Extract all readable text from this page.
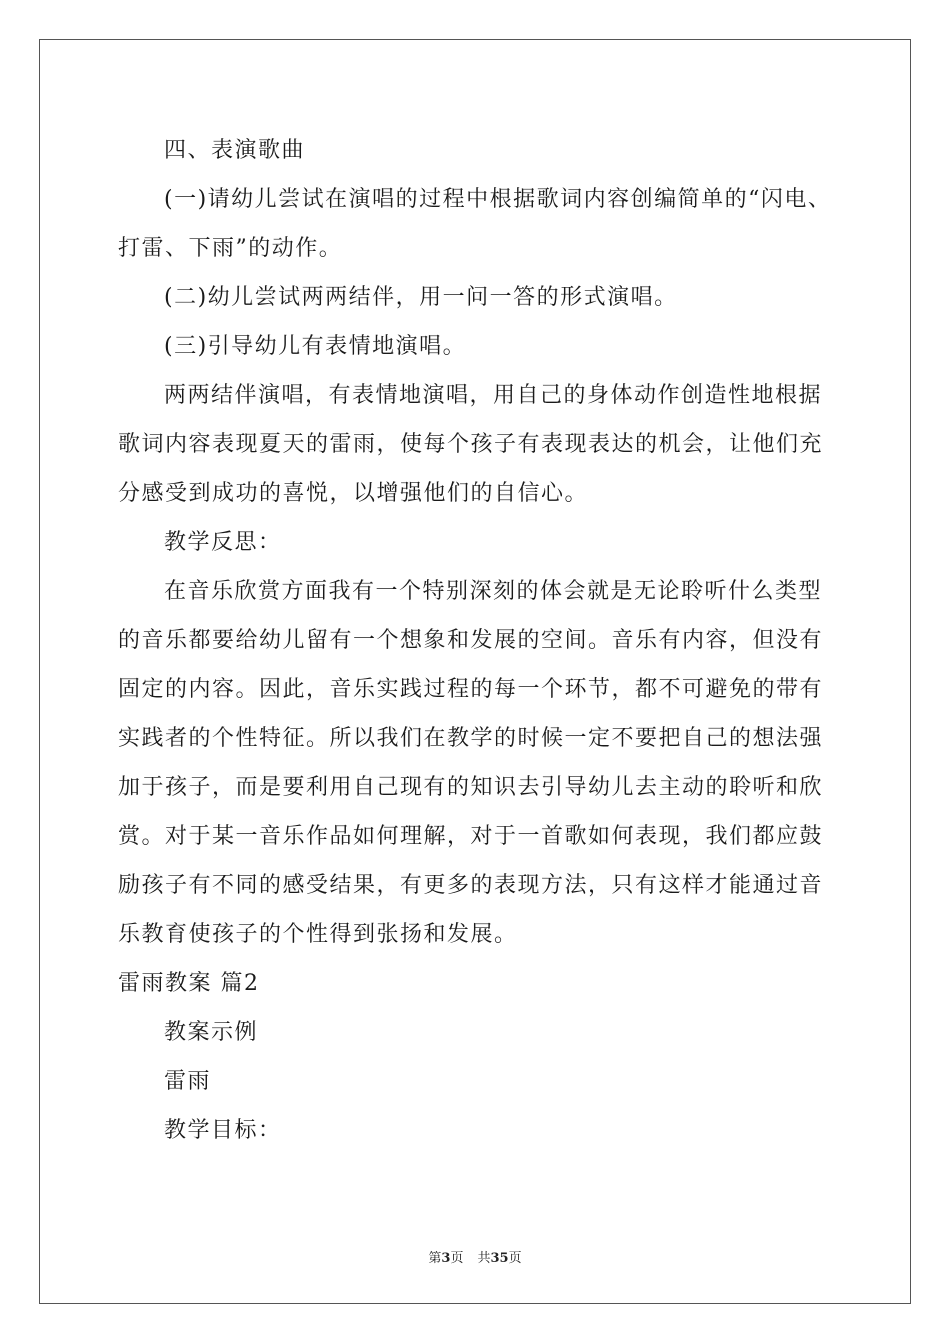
四、表演歌曲
(一)请幼儿尝试在演唱的过程中根据歌词内容创编简单的“闪电、
打雷、下雨”的动作。
(二)幼儿尝试两两结伴，用一问一答的形式演唱。
(三)引导幼儿有表情地演唱。
两两结伴演唱，有表情地演唱，用自己的身体动作创造性地根据
歌词内容表现夏天的雷雨，使每个孩子有表现表达的机会，让他们充
分感受到成功的喜悦，以增强他们的自信心。
教学反思：
在音乐欣赏方面我有一个特别深刻的体会就是无论聆听什么类型
的音乐都要给幼儿留有一个想象和发展的空间。音乐有内容，但没有
固定的内容。因此，音乐实践过程的每一个环节，都不可避免的带有
实践者的个性特征。所以我们在教学的时候一定不要把自己的想法强
加于孩子，而是要利用自己现有的知识去引导幼儿去主动的聆听和欣
赏。对于某一音乐作品如何理解，对于一首歌如何表现，我们都应鼓
励孩子有不同的感受结果，有更多的表现方法，只有这样才能通过音
乐教育使孩子的个性得到张扬和发展。
雷雨教案 篇2
教案示例
雷雨
教学目标：
第3页 共35页
